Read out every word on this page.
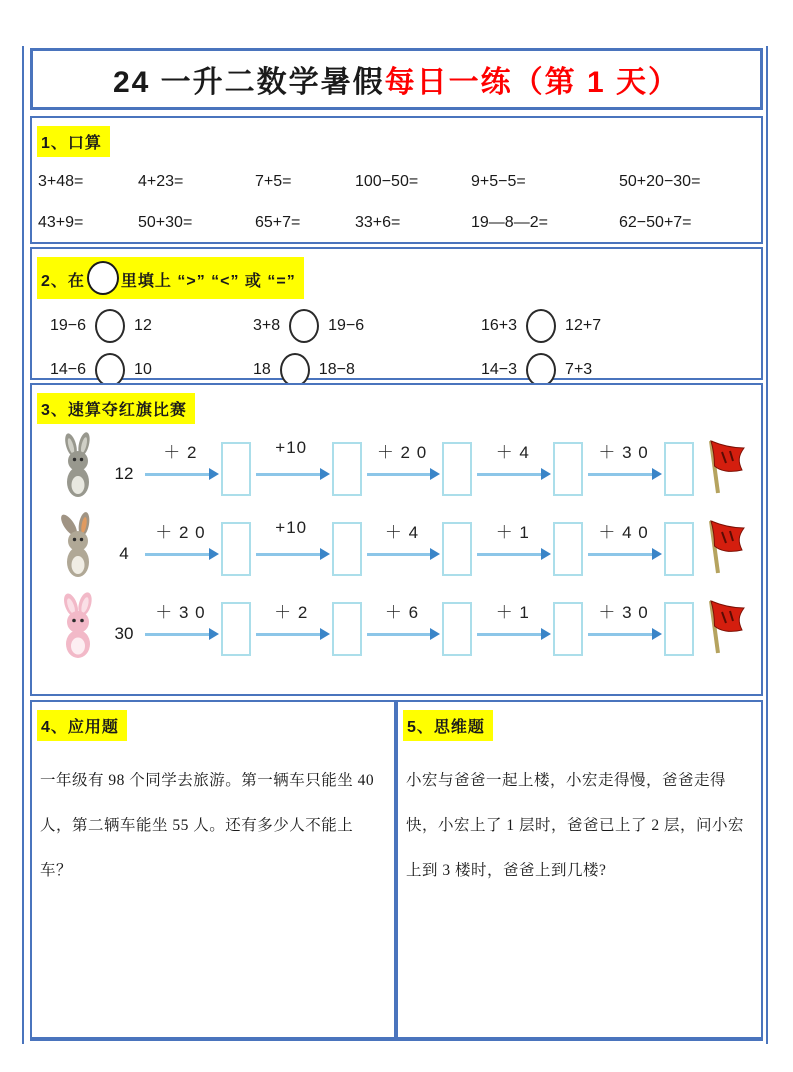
24 一升二数学暑假 每日一练（第 1 天）
1、口算
3+48=	4+23=	7+5=	100−50=	9+5−5=	50+20−30=
43+9=	50+30=	65+7=	33+6=	19—8—2=	62−50+7=
2、在 里填上 “>” “<” 或 “=”
19−6	12	3+8	19−6	16+3	12+7
14−6	10	18	18−8	14−3	7+3
3、速算夺红旗比赛
12
＋ 2	+10	＋ 2 0	＋ 4	＋ 3 0
4
＋ 2 0	+10	＋ 4	＋ 1	＋ 4 0
30
＋ 3 0	＋ 2	＋ 6	＋ 1	＋ 3 0
4、应用题
一年级有 98 个同学去旅游。第一辆车只能坐 40 人，第二辆车能坐 55 人。还有多少人不能上车？
5、思维题
小宏与爸爸一起上楼，小宏走得慢，爸爸走得快，小宏上了 1 层时，爸爸已上了 2 层，问小宏上到 3 楼时，爸爸上到几楼?
